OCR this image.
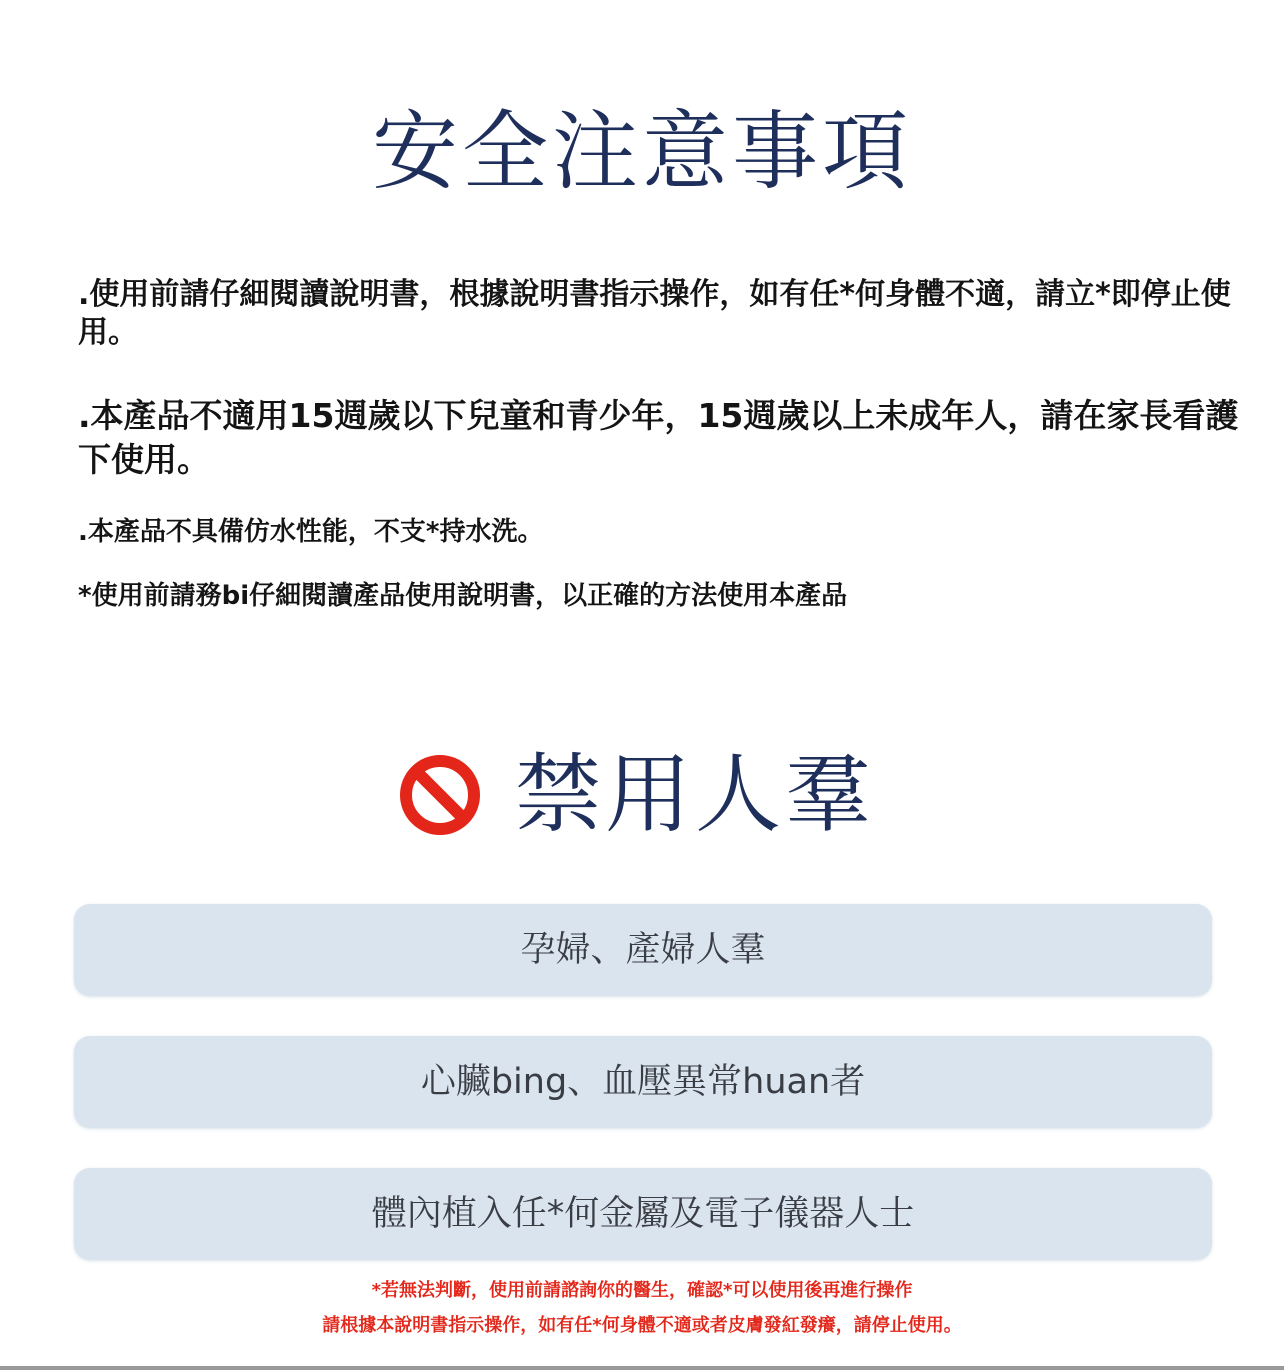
安全注意事項
.使用前請仔細閱讀說明書，根據說明書指示操作，如有任*何身體不適，請立*即停止使用。
.本產品不適用15週歲以下兒童和青少年，15週歲以上未成年人，請在家長看護下使用。
.本產品不具備仿水性能，不支*持水洗。
*使用前請務bi仔細閱讀產品使用說明書，以正確的方法使用本產品
禁用人羣
孕婦、產婦人羣
心臟bing、血壓異常huan者
體內植入任*何金屬及電子儀器人士
*若無法判斷，使用前請諮詢你的醫生，確認*可以使用後再進行操作
請根據本說明書指示操作，如有任*何身體不適或者皮膚發紅發癢，請停止使用。
